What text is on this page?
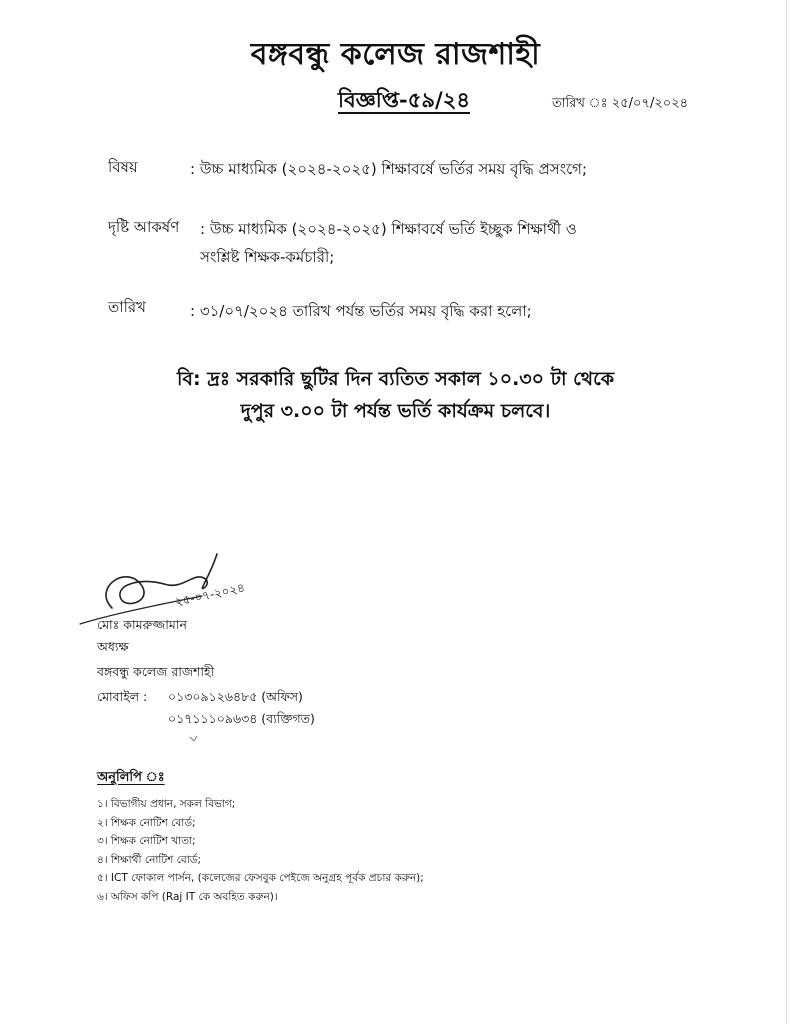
বঙ্গবন্ধু কলেজ রাজশাহী
বিজ্ঞপ্তি-৫৯/২৪	তারিখ ঃ ২৫/০৭/২০২৪
বিষয়	: উচ্চ মাধ্যমিক (২০২৪-২০২৫) শিক্ষাবর্ষে ভর্তির সময় বৃদ্ধি প্রসংগে;
দৃষ্টি আকর্ষণ : উচ্চ মাধ্যমিক (২০২৪-২০২৫) শিক্ষাবর্ষে ভর্তি ইচ্ছুক শিক্ষার্থী ও
সংশ্লিষ্ট শিক্ষক-কর্মচারী;
তারিখ	: ৩১/০৭/২০২৪ তারিখ পর্যন্ত ভর্তির সময় বৃদ্ধি করা হলো;
বি: দ্রঃ সরকারি ছুটির দিন ব্যতিত সকাল ১০.৩০ টা থেকে
দুপুর ৩.০০ টা পর্যন্ত ভর্তি কার্যক্রম চলবে।
২৫-০৭-২০২৪
মোঃ কামরুজ্জামান
অধ্যক্ষ
বঙ্গবন্ধু কলেজ রাজশাহী
মোবাইল : ০১৩০৯১২৬৪৮৫ (অফিস)
০১৭১১১০৯৬৩৪ (ব্যক্তিগত)
অনুলিপি ঃ
১। বিভাগীয় প্রধান, সকল বিভাগ;
২। শিক্ষক নোটিশ বোর্ড;
৩। শিক্ষক নোটিশ খাতা;
৪। শিক্ষার্থী নোটিশ বোর্ড;
৫। ICT ফোকাল পার্সন, (কলেজের ফেসবুক পেইজে অনুগ্রহ পূর্বক প্রচার করুন);
৬। অফিস কপি (Raj IT কে অবহিত করুন)।
